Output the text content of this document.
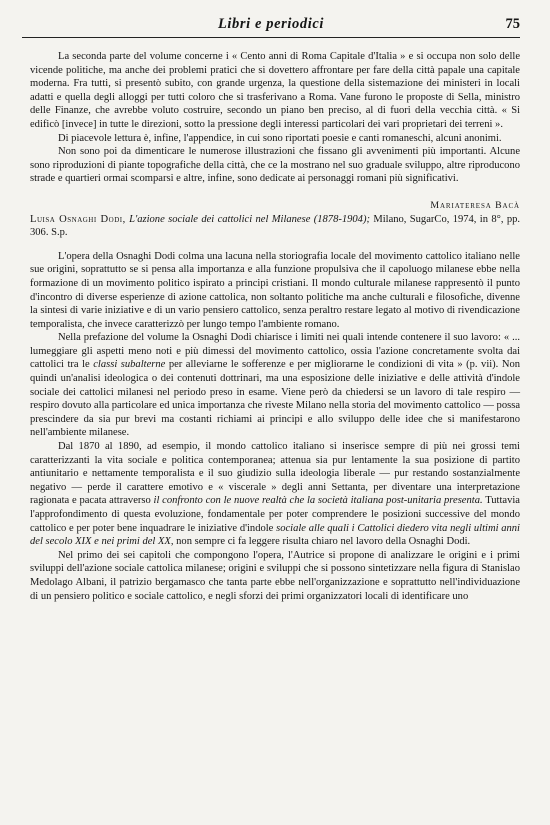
Libri e periodici	75

La seconda parte del volume concerne i « Cento anni di Roma Capitale d'Italia » e si occupa non solo delle vicende politiche, ma anche dei problemi pratici che si dovettero affrontare per fare della città papale una capitale moderna. Fra tutti, si presentò subito, con grande urgenza, la questione della sistemazione dei ministeri in locali adatti e quella degli alloggi per tutti coloro che si trasferivano a Roma. Vane furono le proposte di Sella, ministro delle Finanze, che avrebbe voluto costruire, secondo un piano ben preciso, al di fuori della vecchia città. « Si edificò [invece] in tutte le direzioni, sotto la pressione degli interessi particolari dei vari proprietari dei terreni ».

Di piacevole lettura è, infine, l'appendice, in cui sono riportati poesie e canti romaneschi, alcuni anonimi.

Non sono poi da dimenticare le numerose illustrazioni che fissano gli avvenimenti più importanti. Alcune sono riproduzioni di piante topografiche della città, che ce la mostrano nel suo graduale sviluppo, altre riproducono strade e quartieri ormai scomparsi e altre, infine, sono dedicate ai personaggi romani più significativi.

Mariateresa Bacà

Luisa Osnaghi Dodi, L'azione sociale dei cattolici nel Milanese (1878-1904); Milano, SugarCo, 1974, in 8°, pp. 306. S.p.

L'opera della Osnaghi Dodi colma una lacuna nella storiografia locale del movimento cattolico italiano nelle sue origini, soprattutto se si pensa alla importanza e alla funzione propulsiva che il capoluogo milanese ebbe nella formazione di un movimento politico ispirato a principi cristiani. Il mondo culturale milanese rappresentò il punto d'incontro di diverse esperienze di azione cattolica, non soltanto politiche ma anche culturali e filosofiche, divenne la sintesi di varie iniziative e di un vario pensiero cattolico, senza peraltro restare legato al motivo di rivendicazione temporalista, che invece caratterizzò per lungo tempo l'ambiente romano.

Nella prefazione del volume la Osnaghi Dodi chiarisce i limiti nei quali intende contenere il suo lavoro: « ... lumeggiare gli aspetti meno noti e più dimessi del movimento cattolico, ossia l'azione concretamente svolta dai cattolici tra le classi subalterne per alleviarne le sofferenze e per migliorarne le condizioni di vita » (p. vii). Non quindi un'analisi ideologica o dei contenuti dottrinari, ma una esposizione delle iniziative e delle attività d'indole sociale dei cattolici milanesi nel periodo preso in esame. Viene però da chiedersi se un lavoro di tale respiro — respiro dovuto alla particolare ed unica importanza che riveste Milano nella storia del movimento cattolico — possa prescindere da sia pur brevi ma costanti richiami ai principi e allo sviluppo delle idee che si manifestarono nell'ambiente milanese.

Dal 1870 al 1890, ad esempio, il mondo cattolico italiano si inserisce sempre di più nei grossi temi caratterizzanti la vita sociale e politica contemporanea; attenua sia pur lentamente la sua posizione di partito antiunitario e nettamente temporalista e il suo giudizio sulla ideologia liberale — pur restando sostanzialmente negativo — perde il carattere emotivo e « viscerale » degli anni Settanta, per diventare una interpretazione ragionata e pacata attraverso il confronto con le nuove realtà che la società italiana post-unitaria presenta. Tuttavia l'approfondimento di questa evoluzione, fondamentale per poter comprendere le posizioni successive del mondo cattolico e per poter bene inquadrare le iniziative d'indole sociale alle quali i Cattolici diedero vita negli ultimi anni del secolo XIX e nei primi del XX, non sempre ci fa leggere risulta chiaro nel lavoro della Osnaghi Dodi.

Nel primo dei sei capitoli che compongono l'opera, l'Autrice si propone di analizzare le origini e i primi sviluppi dell'azione sociale cattolica milanese; origini e sviluppi che si possono sintetizzare nella figura di Stanislao Medolago Albani, il patrizio bergamasco che tanta parte ebbe nell'organizzazione e soprattutto nell'individuazione di un pensiero politico e sociale cattolico, e negli sforzi dei primi organizzatori locali di identificare uno
